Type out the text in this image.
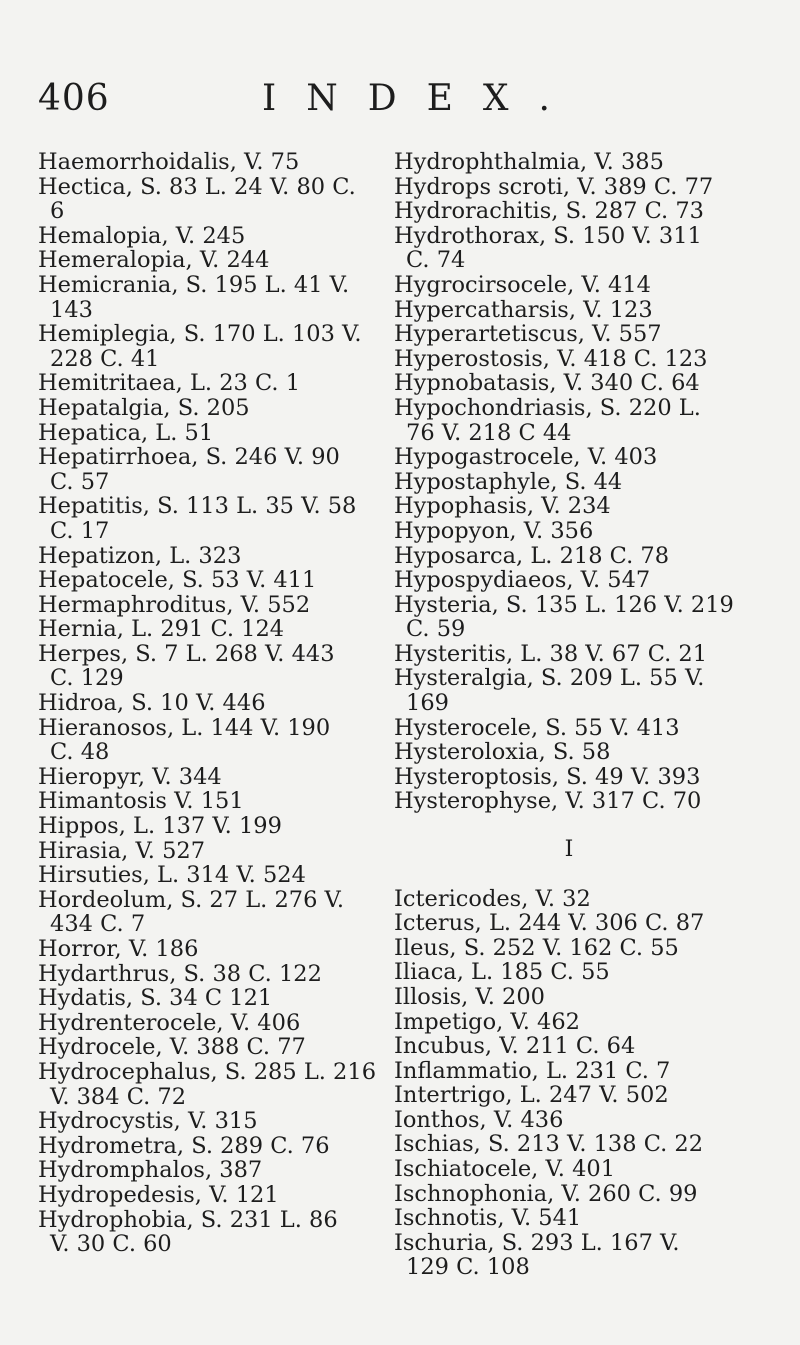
406	INDEX.
Haemorrhoidalis, V. 75
Hectica, S. 83 L. 24 V. 80 C.
6
Hemalopia, V. 245
Hemeralopia, V. 244
Hemicrania, S. 195 L. 41 V.
143
Hemiplegia, S. 170 L. 103 V.
228 C. 41
Hemitritaea, L. 23 C. 1
Hepatalgia, S. 205
Hepatica, L. 51
Hepatirrhoea, S. 246 V. 90
C. 57
Hepatitis, S. 113 L. 35 V. 58
C. 17
Hepatizon, L. 323
Hepatocele, S. 53 V. 411
Hermaphroditus, V. 552
Hernia, L. 291 C. 124
Herpes, S. 7 L. 268 V. 443
C. 129
Hidroa, S. 10 V. 446
Hieranosos, L. 144 V. 190
C. 48
Hieropyr, V. 344
Himantosis V. 151
Hippos, L. 137 V. 199
Hirasia, V. 527
Hirsuties, L. 314 V. 524
Hordeolum, S. 27 L. 276 V.
434 C. 7
Horror, V. 186
Hydarthrus, S. 38 C. 122
Hydatis, S. 34 C 121
Hydrenterocele, V. 406
Hydrocele, V. 388 C. 77
Hydrocephalus, S. 285 L. 216
V. 384 C. 72
Hydrocystis, V. 315
Hydrometra, S. 289 C. 76
Hydromphalos, 387
Hydropedesis, V. 121
Hydrophobia, S. 231 L. 86
V. 30 C. 60
Hydrophthalmia, V. 385
Hydrops scroti, V. 389 C. 77
Hydrorachitis, S. 287 C. 73
Hydrothorax, S. 150 V. 311
C. 74
Hygrocirsocele, V. 414
Hypercatharsis, V. 123
Hyperartetiscus, V. 557
Hyperostosis, V. 418 C. 123
Hypnobatasis, V. 340 C. 64
Hypochondriasis, S. 220 L.
76 V. 218 C 44
Hypogastrocele, V. 403
Hypostaphyle, S. 44
Hypophasis, V. 234
Hypopyon, V. 356
Hyposarca, L. 218 C. 78
Hypospydiaeos, V. 547
Hysteria, S. 135 L. 126 V. 219
C. 59
Hysteritis, L. 38 V. 67 C. 21
Hysteralgia, S. 209 L. 55 V.
169
Hysterocele, S. 55 V. 413
Hysteroloxia, S. 58
Hysteroptosis, S. 49 V. 393
Hysterophyse, V. 317 C. 70
I
Ictericodes, V. 32
Icterus, L. 244 V. 306 C. 87
Ileus, S. 252 V. 162 C. 55
Iliaca, L. 185 C. 55
Illosis, V. 200
Impetigo, V. 462
Incubus, V. 211 C. 64
Inflammatio, L. 231 C. 7
Intertrigo, L. 247 V. 502
Ionthos, V. 436
Ischias, S. 213 V. 138 C. 22
Ischiatocele, V. 401
Ischnophonia, V. 260 C. 99
Ischnotis, V. 541
Ischuria, S. 293 L. 167 V.
129 C. 108
